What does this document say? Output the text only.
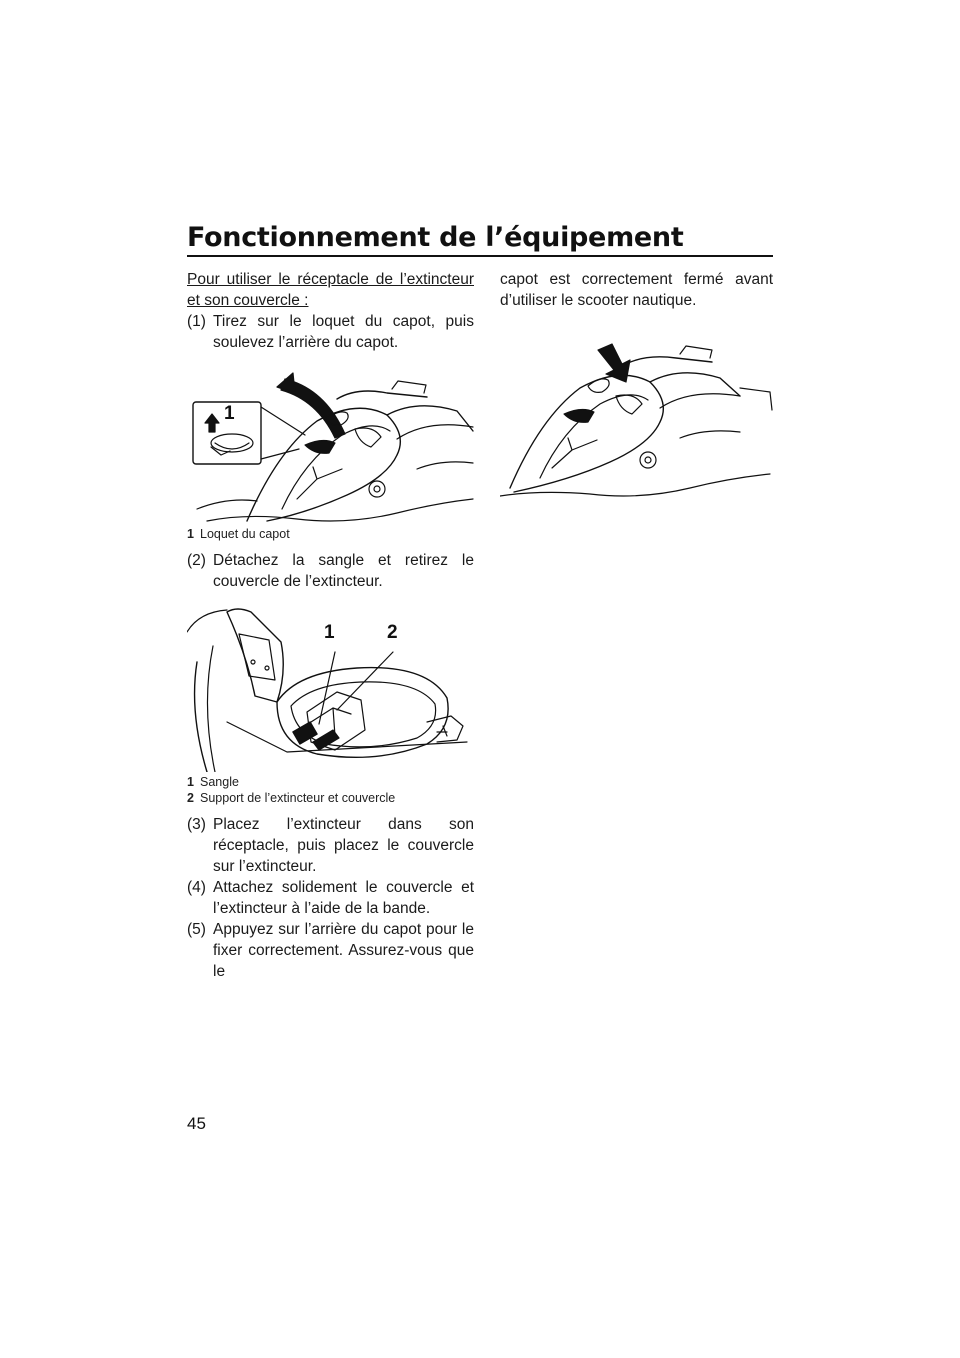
Fonctionnement de l’équipement

Pour utiliser le réceptacle de l’extincteur et son couvercle :

(1) Tirez sur le loquet du capot, puis soulevez l’arrière du capot.
1
1 Loquet du capot
(2) Détachez la sangle et retirez le couvercle de l’extincteur.
1	2
1 Sangle
2 Support de l’extincteur et couvercle
(3) Placez l’extincteur dans son réceptacle, puis placez le couvercle sur l’extincteur.
(4) Attachez solidement le couvercle et l’extincteur à l’aide de la bande.
(5) Appuyez sur l’arrière du capot pour le fixer correctement. Assurez-vous que le

capot est correctement fermé avant

d’utiliser le scooter nautique.

45
